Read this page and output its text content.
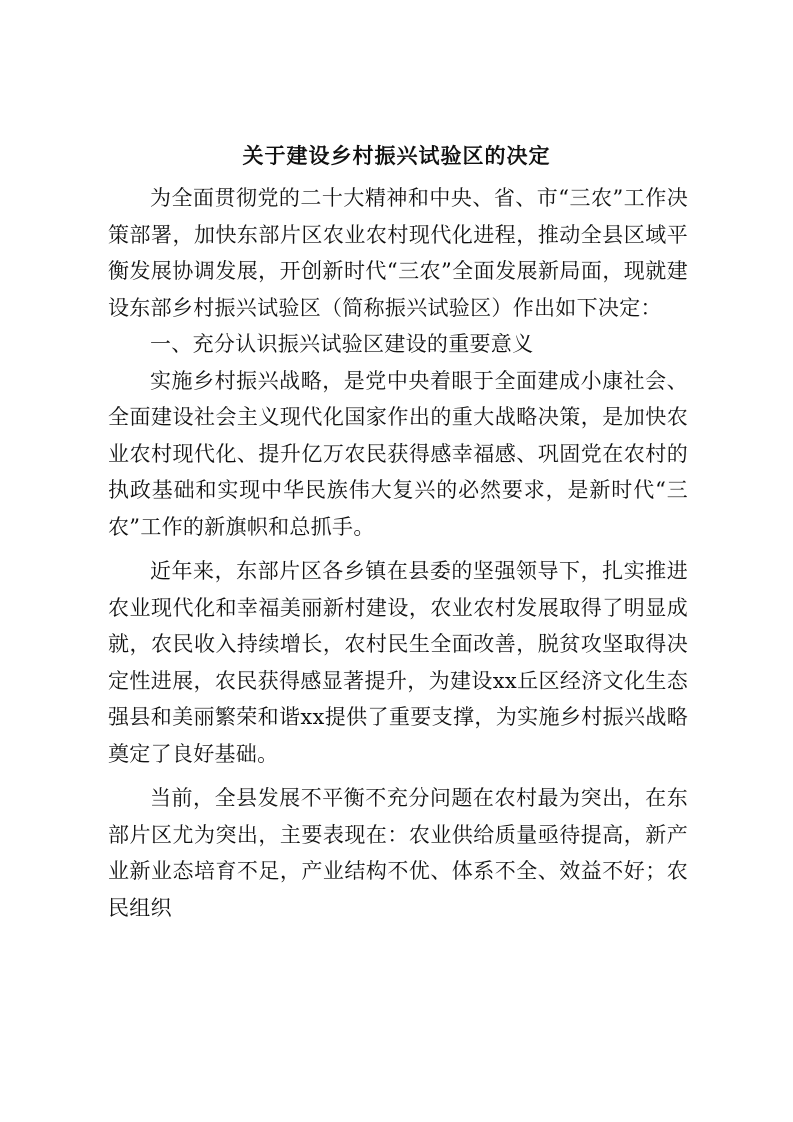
关于建设乡村振兴试验区的决定

为全面贯彻党的二十大精神和中央、省、市“三农”工作决策部署，加快东部片区农业农村现代化进程，推动全县区域平衡发展协调发展，开创新时代“三农”全面发展新局面，现就建设东部乡村振兴试验区（简称振兴试验区）作出如下决定：

一、充分认识振兴试验区建设的重要意义

实施乡村振兴战略，是党中央着眼于全面建成小康社会、全面建设社会主义现代化国家作出的重大战略决策，是加快农业农村现代化、提升亿万农民获得感幸福感、巩固党在农村的执政基础和实现中华民族伟大复兴的必然要求，是新时代“三农”工作的新旗帜和总抓手。

近年来，东部片区各乡镇在县委的坚强领导下，扎实推进农业现代化和幸福美丽新村建设，农业农村发展取得了明显成就，农民收入持续增长，农村民生全面改善，脱贫攻坚取得决定性进展，农民获得感显著提升，为建设xx丘区经济文化生态强县和美丽繁荣和谐xx提供了重要支撑，为实施乡村振兴战略奠定了良好基础。

当前，全县发展不平衡不充分问题在农村最为突出，在东部片区尤为突出，主要表现在：农业供给质量亟待提高，新产业新业态培育不足，产业结构不优、体系不全、效益不好；农民组织
